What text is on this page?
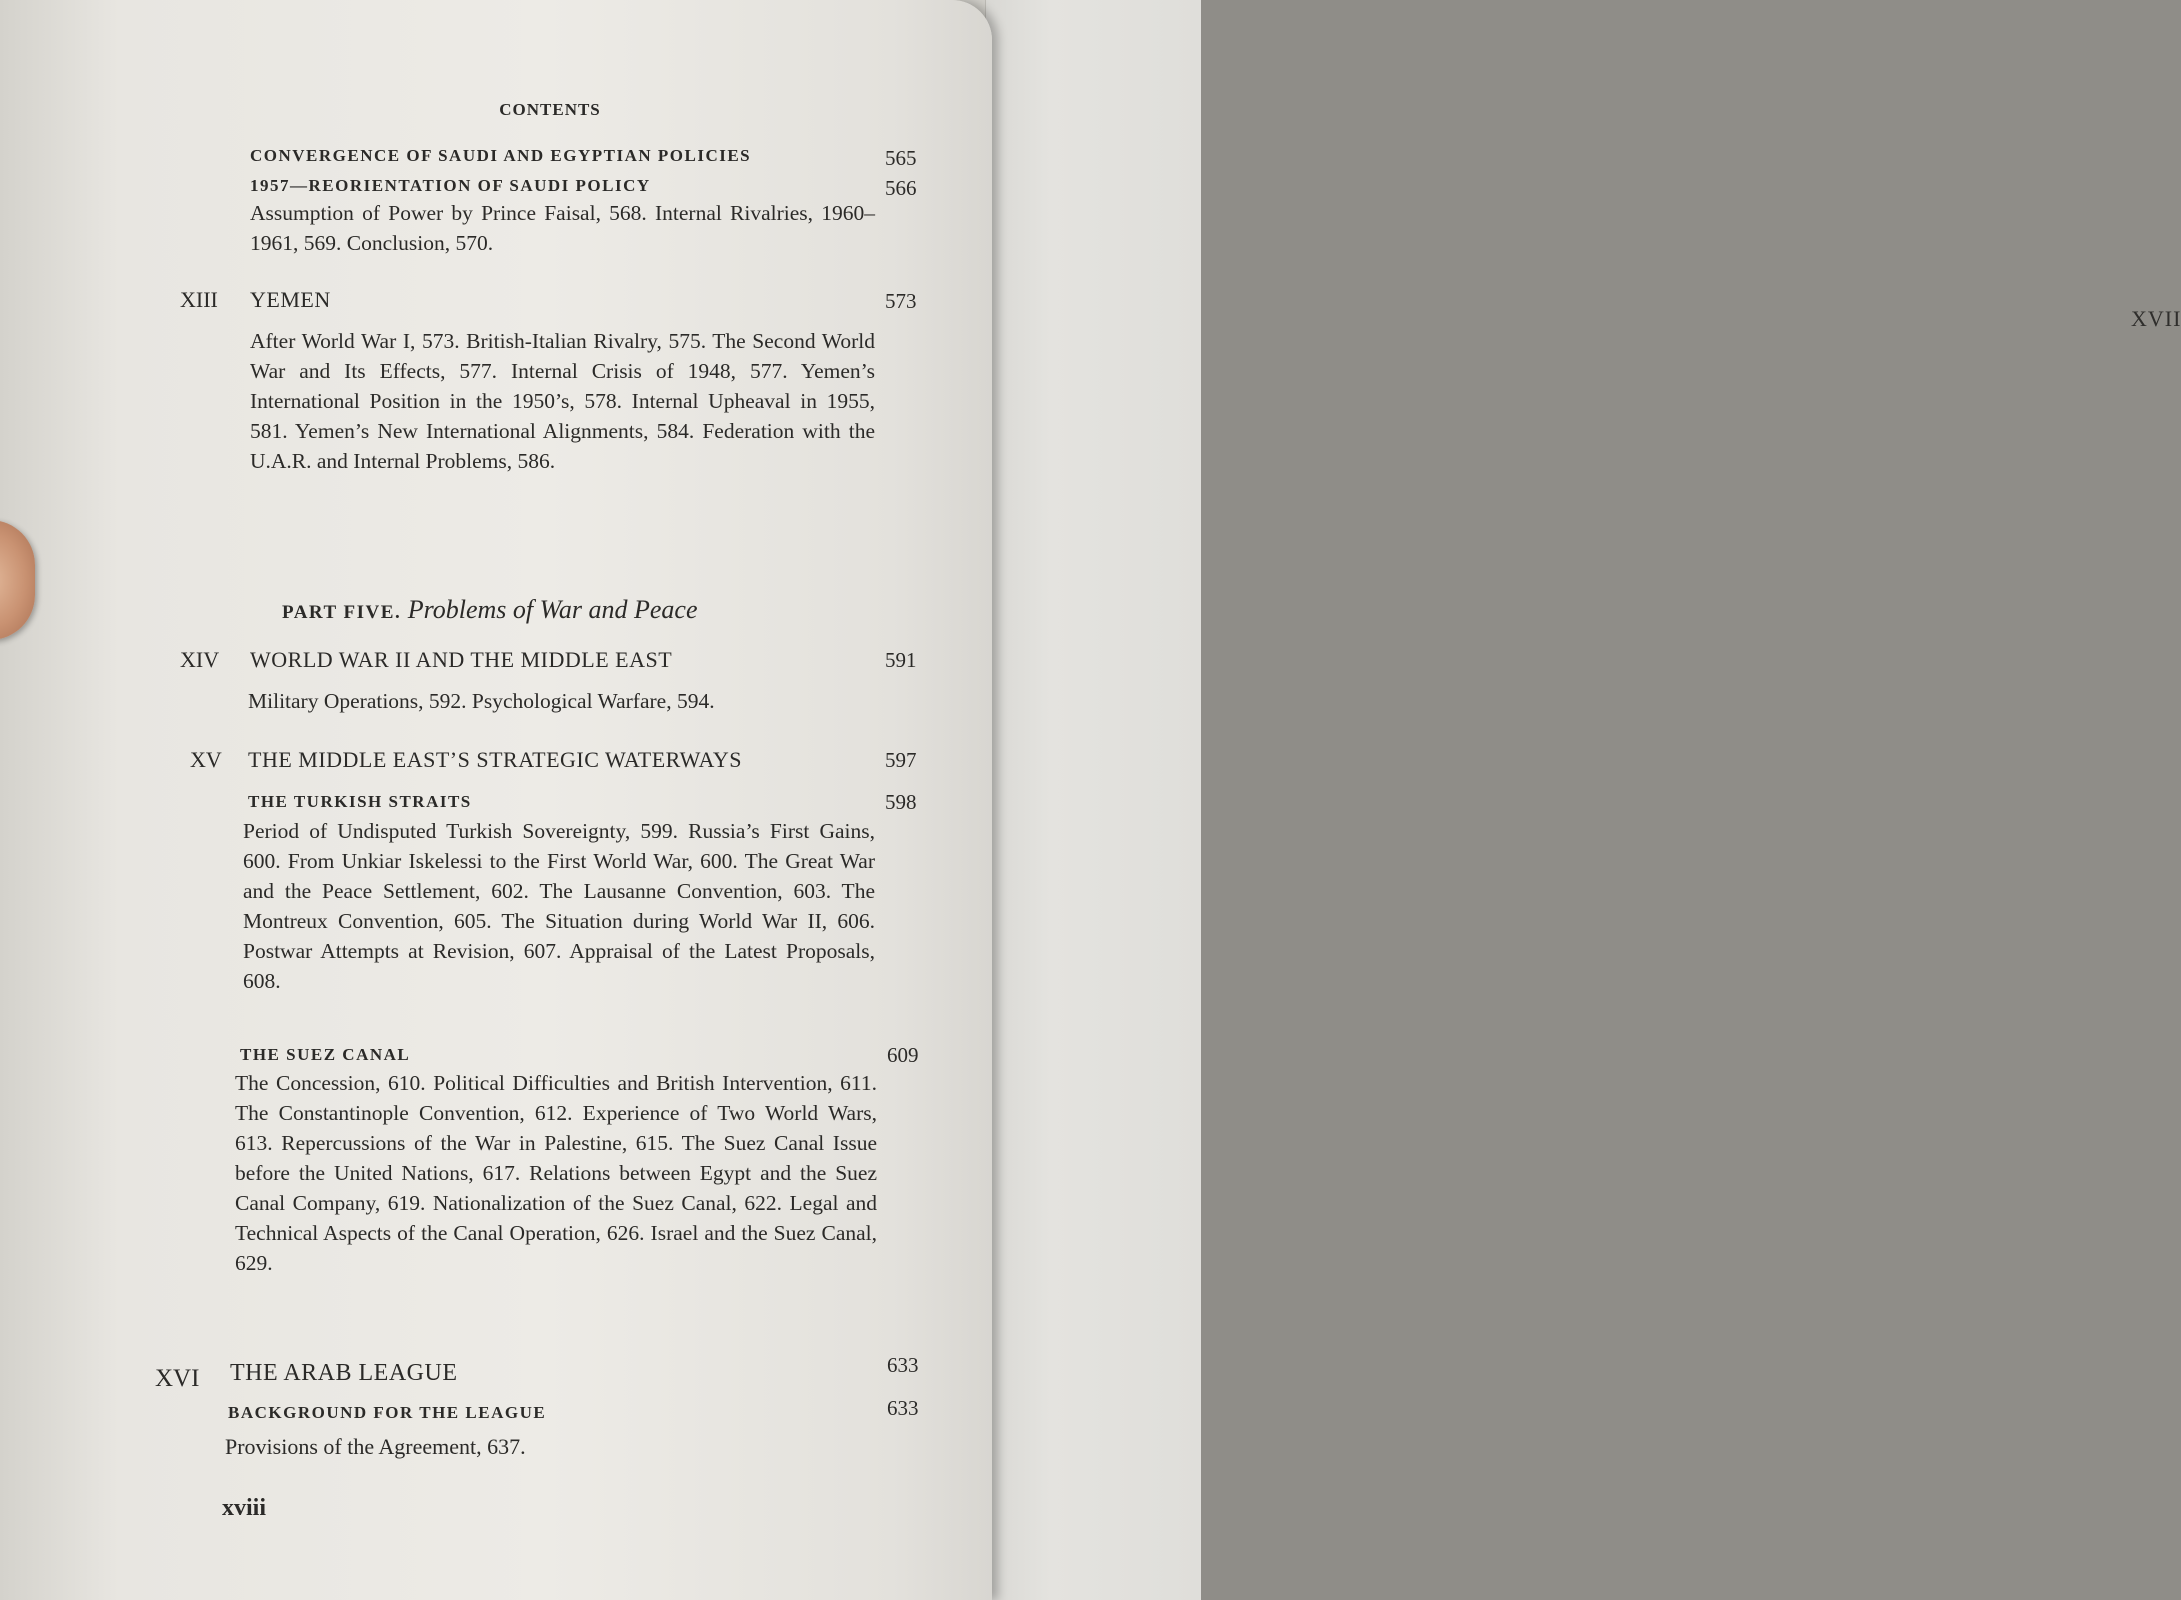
XVII
CONTENTS
CONVERGENCE OF SAUDI AND EGYPTIAN POLICIES	565
1957—REORIENTATION OF SAUDI POLICY	566
Assumption of Power by Prince Faisal, 568. Internal Rivalries, 1960–1961, 569. Conclusion, 570.
XIII YEMEN	573
After World War I, 573. British-Italian Rivalry, 575. The Second World War and Its Effects, 577. Internal Crisis of 1948, 577. Yemen’s International Position in the 1950’s, 578. Internal Upheaval in 1955, 581. Yemen’s New International Alignments, 584. Federation with the U.A.R. and Internal Problems, 586.
PART FIVE. Problems of War and Peace
XIV WORLD WAR II AND THE MIDDLE EAST	591
Military Operations, 592. Psychological Warfare, 594.
XV THE MIDDLE EAST’S STRATEGIC WATERWAYS	597
THE TURKISH STRAITS	598
Period of Undisputed Turkish Sovereignty, 599. Russia’s First Gains, 600. From Unkiar Iskelessi to the First World War, 600. The Great War and the Peace Settlement, 602. The Lausanne Convention, 603. The Montreux Convention, 605. The Situation during World War II, 606. Postwar Attempts at Revision, 607. Appraisal of the Latest Proposals, 608.
THE SUEZ CANAL	609
The Concession, 610. Political Difficulties and British Intervention, 611. The Constantinople Convention, 612. Experience of Two World Wars, 613. Repercussions of the War in Palestine, 615. The Suez Canal Issue before the United Nations, 617. Relations between Egypt and the Suez Canal Company, 619. Nationalization of the Suez Canal, 622. Legal and Technical Aspects of the Canal Operation, 626. Israel and the Suez Canal, 629.
XVI THE ARAB LEAGUE	633
BACKGROUND FOR THE LEAGUE	633
Provisions of the Agreement, 637.
xviii
